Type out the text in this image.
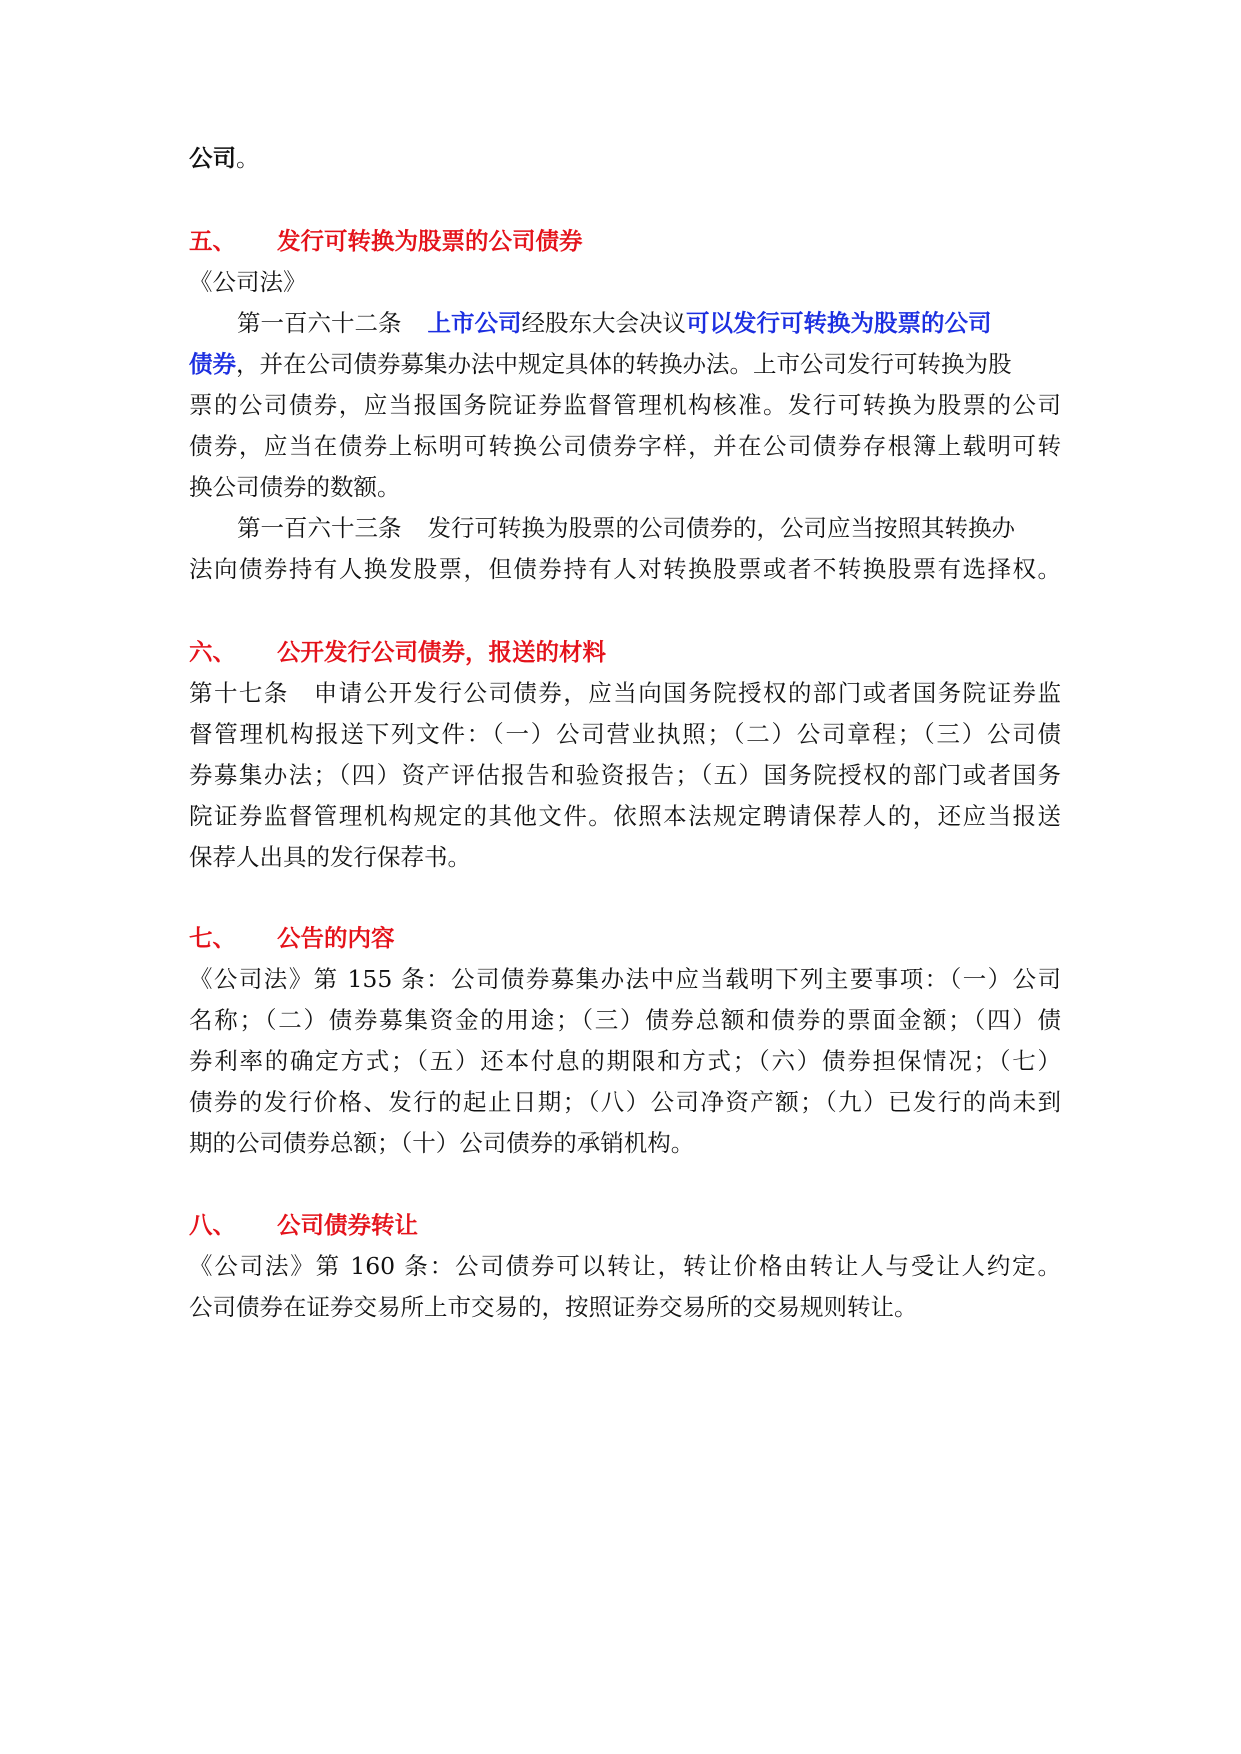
公司。
五、 发行可转换为股票的公司债券
《公司法》
第一百六十二条 上市公司经股东大会决议可以发行可转换为股票的公司
债券，并在公司债券募集办法中规定具体的转换办法。上市公司发行可转换为股
票的公司债券，应当报国务院证券监督管理机构核准。发行可转换为股票的公司
债券，应当在债券上标明可转换公司债券字样，并在公司债券存根簿上载明可转
换公司债券的数额。
第一百六十三条 发行可转换为股票的公司债券的，公司应当按照其转换办
法向债券持有人换发股票，但债券持有人对转换股票或者不转换股票有选择权。
六、 公开发行公司债券，报送的材料
第十七条　申请公开发行公司债券，应当向国务院授权的部门或者国务院证券监
督管理机构报送下列文件：（一）公司营业执照；（二）公司章程；（三）公司债
券募集办法；（四）资产评估报告和验资报告；（五）国务院授权的部门或者国务
院证券监督管理机构规定的其他文件。依照本法规定聘请保荐人的，还应当报送
保荐人出具的发行保荐书。
七、 公告的内容
《公司法》第 155 条：公司债券募集办法中应当载明下列主要事项：（一）公司
名称；（二）债券募集资金的用途；（三）债券总额和债券的票面金额；（四）债
券利率的确定方式；（五）还本付息的期限和方式；（六）债券担保情况；（七）
债券的发行价格、发行的起止日期；（八）公司净资产额；（九）已发行的尚未到
期的公司债券总额；（十）公司债券的承销机构。
八、 公司债券转让
《公司法》第 160 条：公司债券可以转让，转让价格由转让人与受让人约定。
公司债券在证券交易所上市交易的，按照证券交易所的交易规则转让。
